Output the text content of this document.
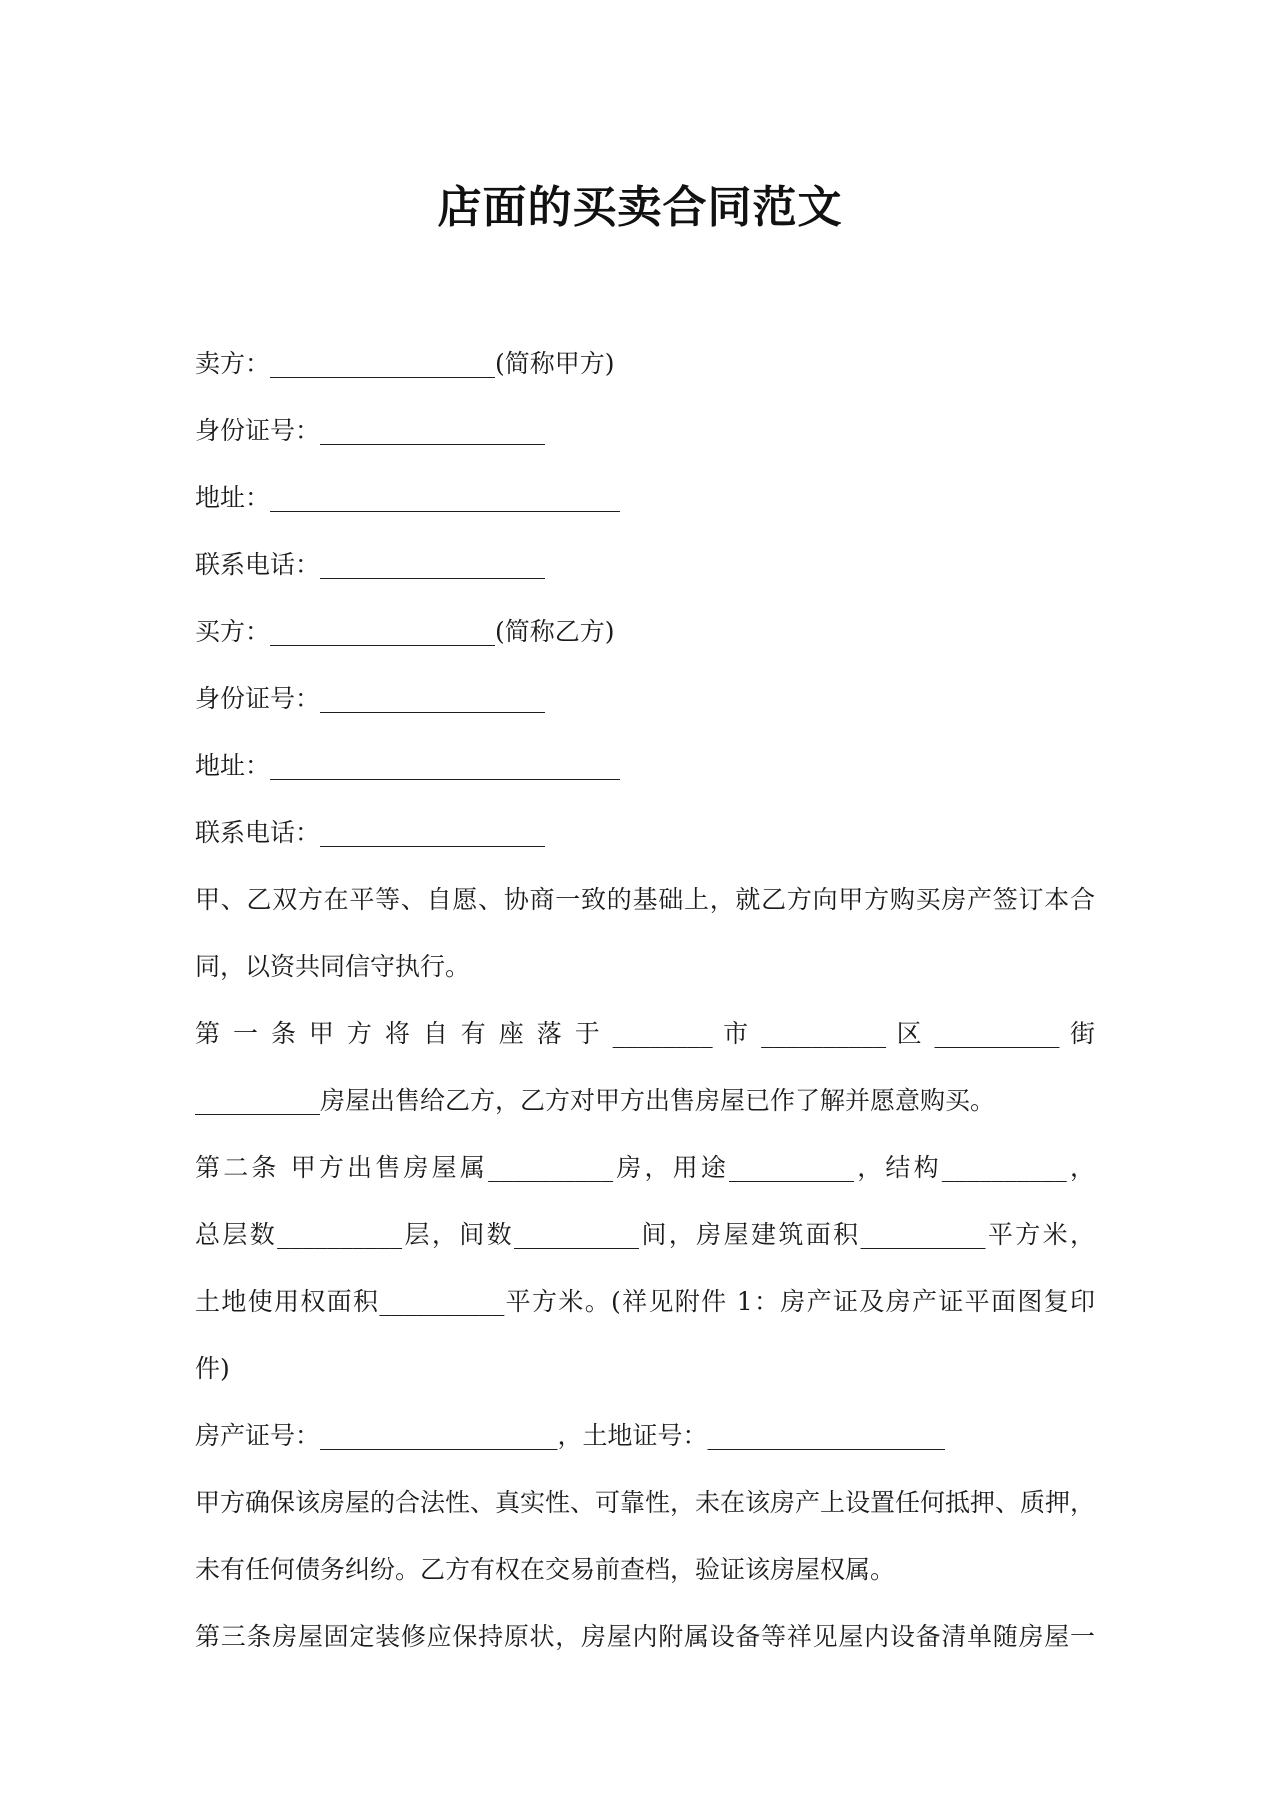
店面的买卖合同范文
卖方：__________________(简称甲方)
身份证号：__________________
地址：____________________________
联系电话：__________________
买方：__________________(简称乙方)
身份证号：__________________
地址：____________________________
联系电话：__________________
甲、乙双方在平等、自愿、协商一致的基础上，就乙方向甲方购买房产签订本合
同，以资共同信守执行。
第 一 条 甲 方 将 自 有 座 落 于 ________ 市 __________ 区 __________ 街
__________房屋出售给乙方，乙方对甲方出售房屋已作了解并愿意购买。
第二条 甲方出售房屋属__________房，用途__________，结构__________，
总层数__________层，间数__________间，房屋建筑面积__________平方米，
土地使用权面积__________平方米。(祥见附件 1：房产证及房产证平面图复印
件)
房产证号：___________________，土地证号：___________________
甲方确保该房屋的合法性、真实性、可靠性，未在该房产上设置任何抵押、质押，
未有任何债务纠纷。乙方有权在交易前查档，验证该房屋权属。
第三条房屋固定装修应保持原状，房屋内附属设备等祥见屋内设备清单随房屋一
